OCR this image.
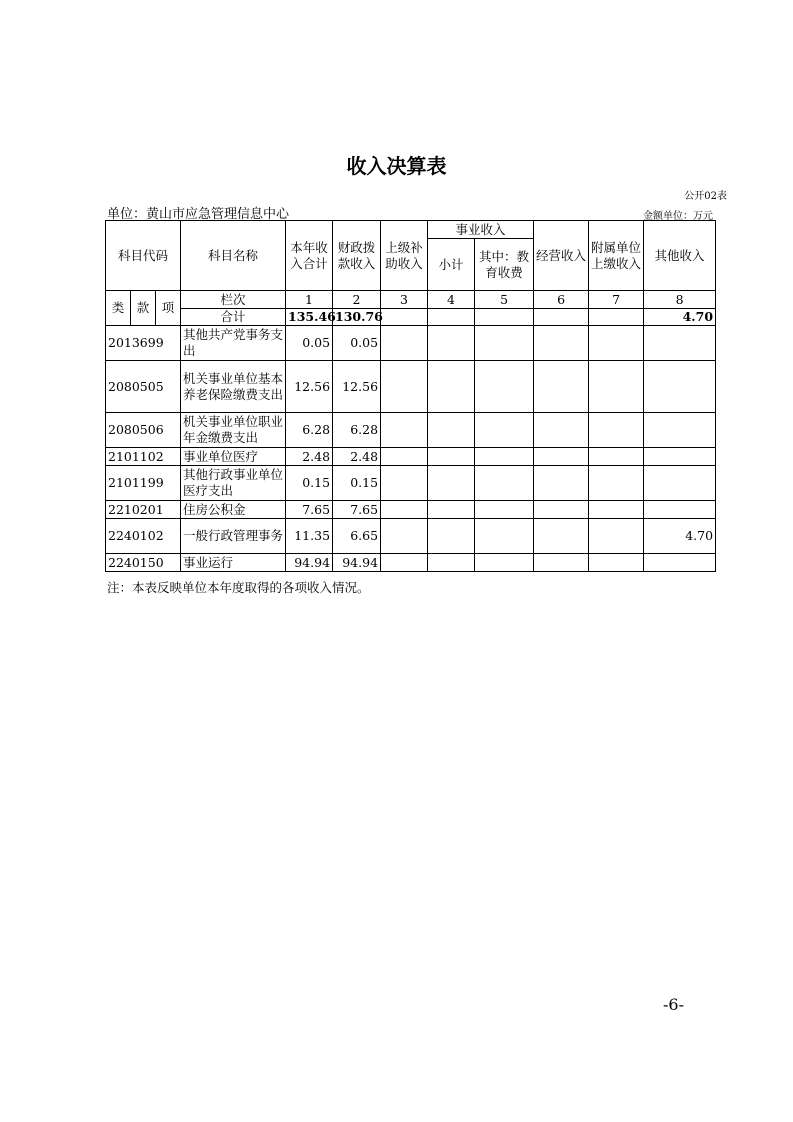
收入决算表
公开02表
单位：黄山市应急管理信息中心	金额单位：万元
科目代码			科目名称	本年收入合计	财政拨款收入	上级补助收入	事业收入		经营收入	附属单位上缴收入	其他收入
							小计	其中：教育收费			
类	款	项	栏次	1	2	3	4	5	6	7	8
			合计	135.46	130.76						4.70
2013699			其他共产党事务支出	0.05	0.05						
2080505			机关事业单位基本养老保险缴费支出	12.56	12.56						
2080506			机关事业单位职业年金缴费支出	6.28	6.28						
2101102			事业单位医疗	2.48	2.48						
2101199			其他行政事业单位医疗支出	0.15	0.15						
2210201			住房公积金	7.65	7.65						
2240102			一般行政管理事务	11.35	6.65						4.70
2240150			事业运行	94.94	94.94						
注：本表反映单位本年度取得的各项收入情况。
-6-
